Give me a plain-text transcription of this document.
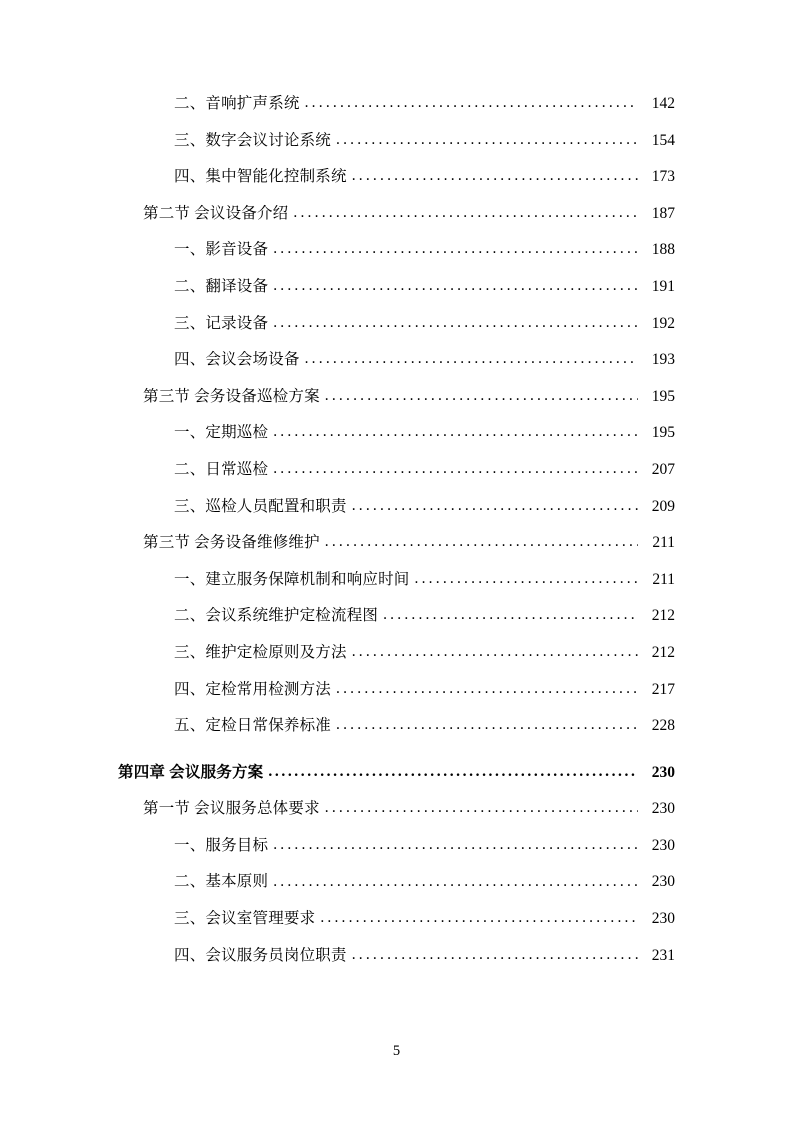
二、音响扩声系统 .....	142
三、数字会议讨论系统 .....	154
四、集中智能化控制系统 .....	173
第二节 会议设备介绍 .....	187
一、影音设备 .....	188
二、翻译设备 .....	191
三、记录设备 .....	192
四、会议会场设备 .....	193
第三节 会务设备巡检方案 .....	195
一、定期巡检 .....	195
二、日常巡检 .....	207
三、巡检人员配置和职责 .....	209
第三节 会务设备维修维护 .....	211
一、建立服务保障机制和响应时间 .....	211
二、会议系统维护定检流程图 .....	212
三、维护定检原则及方法 .....	212
四、定检常用检测方法 .....	217
五、定检日常保养标准 .....	228
第四章 会议服务方案 .....	230
第一节 会议服务总体要求 .....	230
一、服务目标 .....	230
二、基本原则 .....	230
三、会议室管理要求 .....	230
四、会议服务员岗位职责 .....	231
5
